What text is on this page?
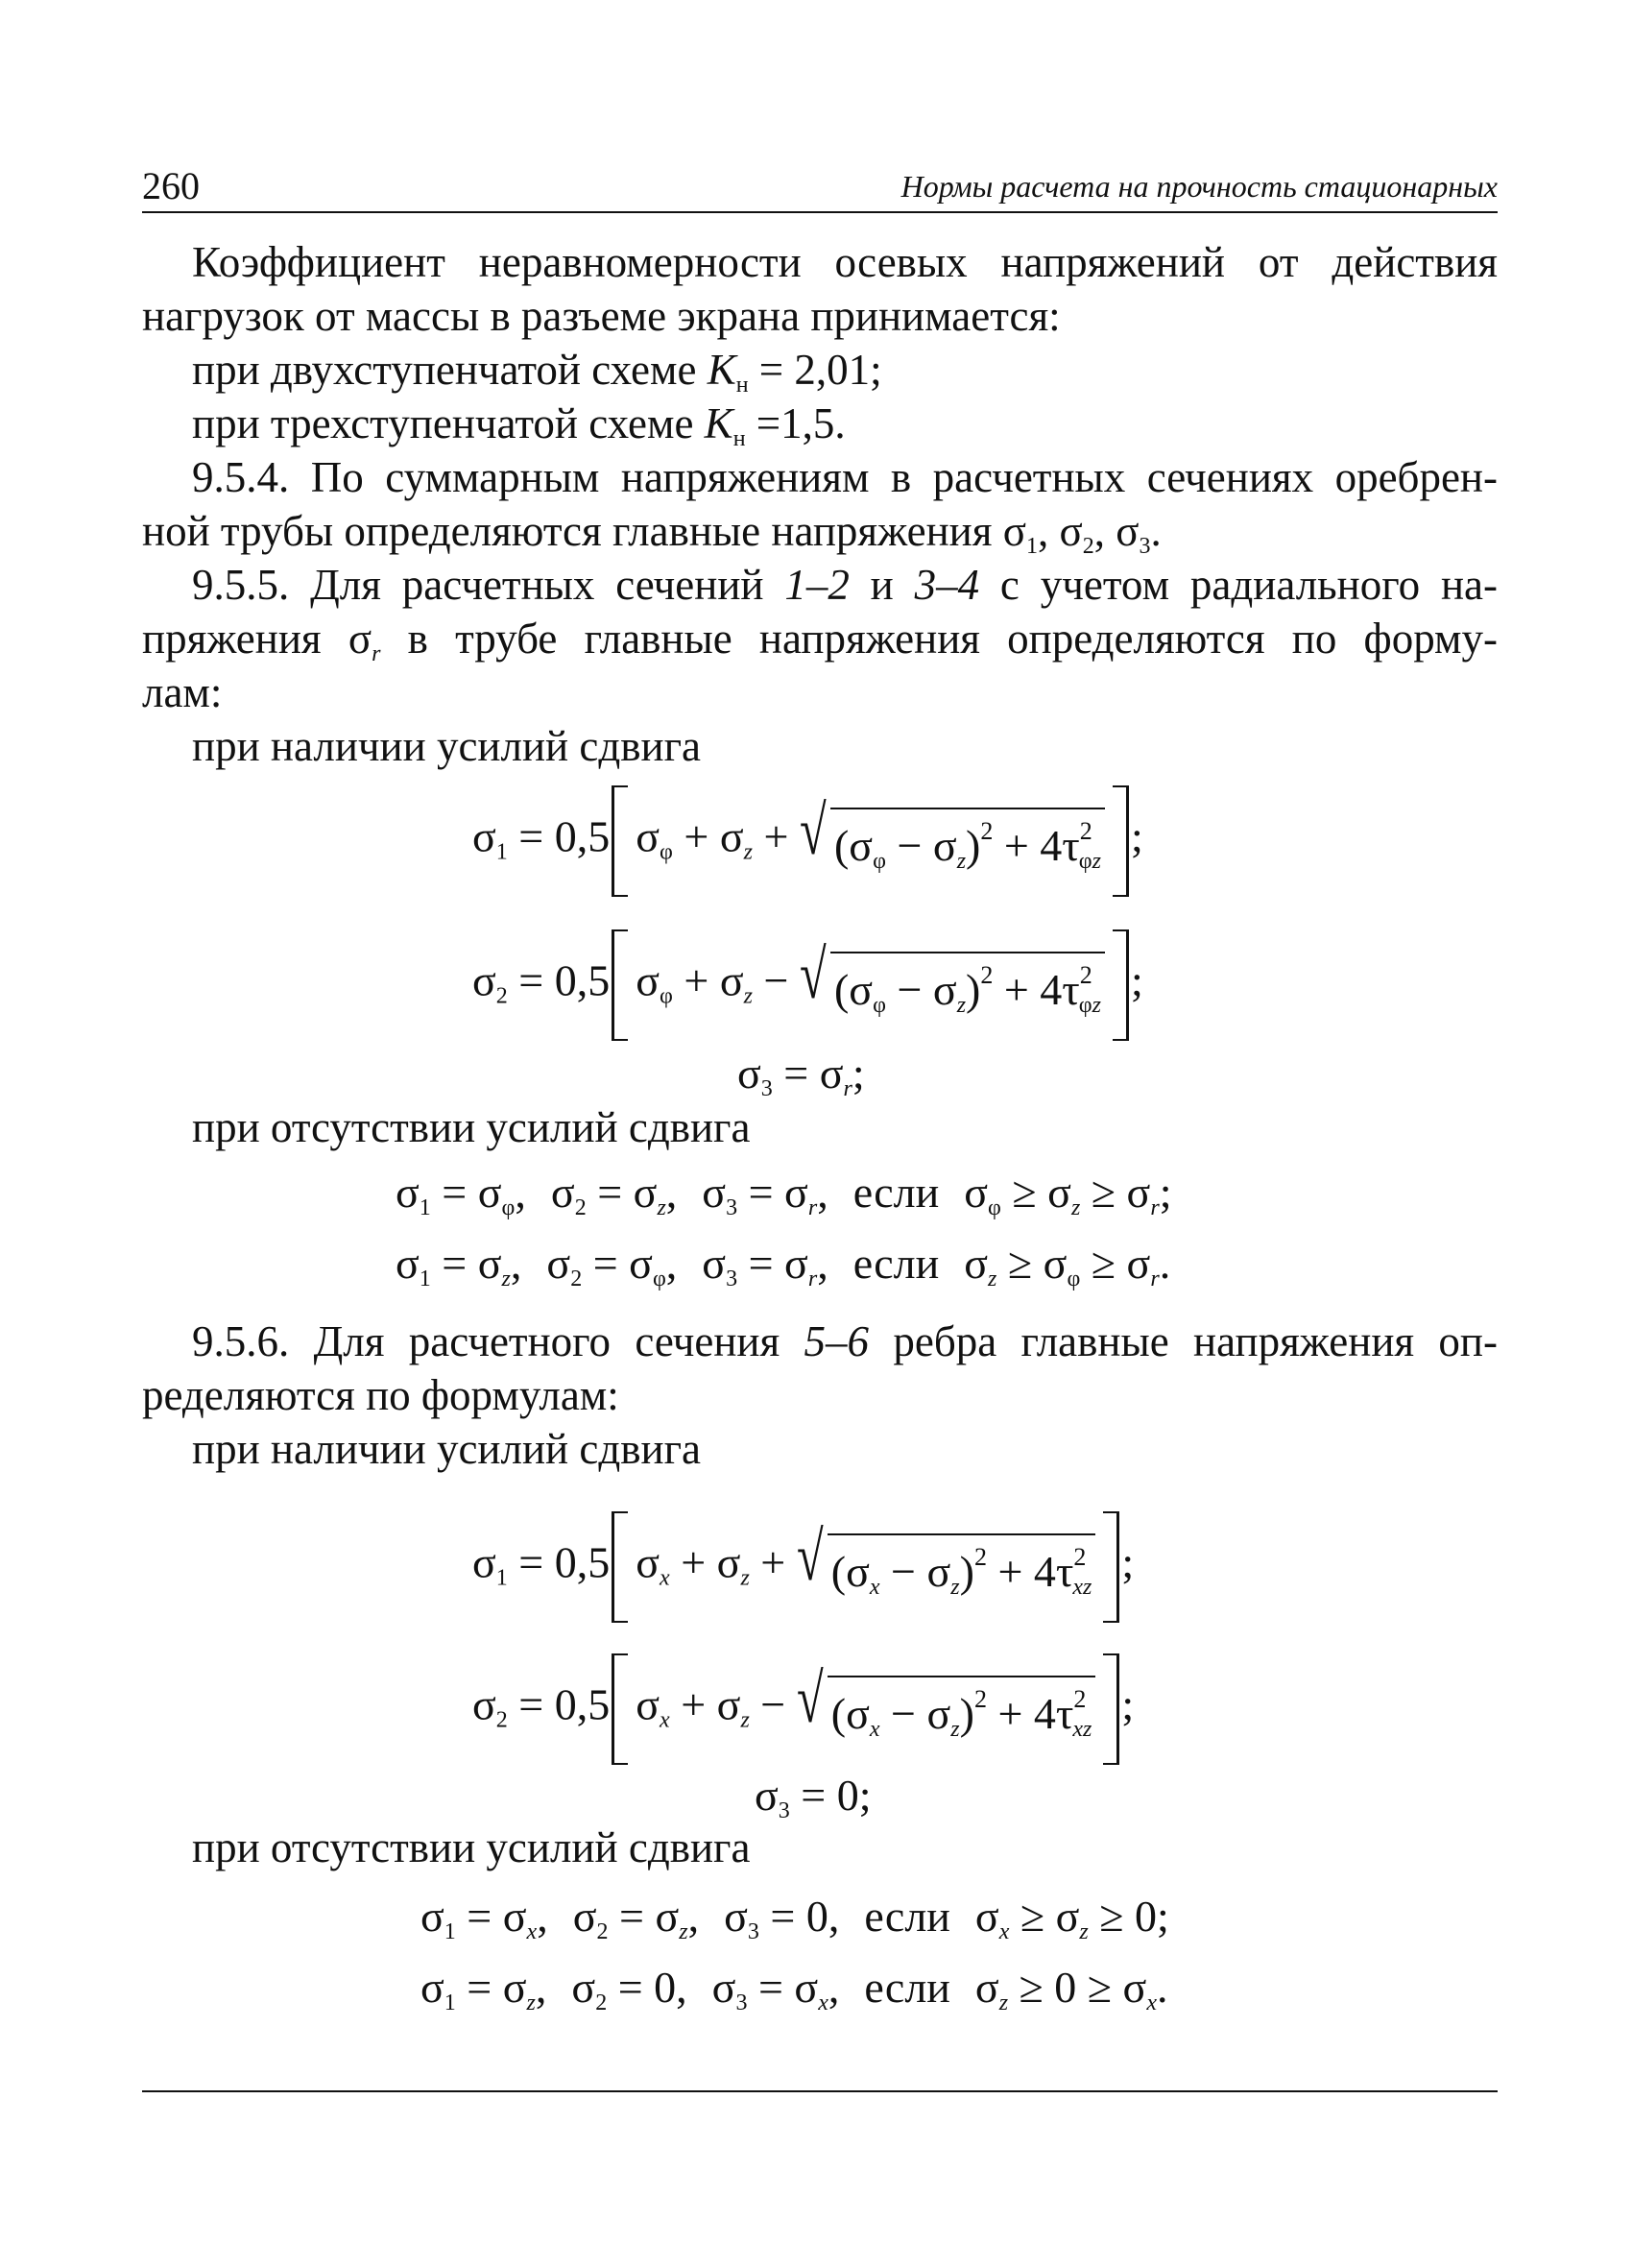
260	Нормы расчета на прочность стационарных
Коэффициент неравномерности осевых напряжений от действия
нагрузок от массы в разъеме экрана принимается:
при двухступенчатой схеме $K_н = 2,01$;
при трехступенчатой схеме $K_н =1,5$.
9.5.4. По суммарным напряжениям в расчетных сечениях оребрен-
ной трубы определяются главные напряжения $\sigma_1$, $\sigma_2$, $\sigma_3$.
9.5.5. Для расчетных сечений 1–2 и 3–4 с учетом радиального на-
пряжения $\sigma_r$ в трубе главные напряжения определяются по форму-
лам:
при наличии усилий сдвига
$\sigma_1 = 0,5$ $\sigma_\varphi + \sigma_z$ + √ $(\sigma_\varphi - \sigma_z)^2 + 4\tau^2_{\varphi z}$;
$\sigma_2 = 0,5$ $\sigma_\varphi + \sigma_z$ − √ $(\sigma_\varphi - \sigma_z)^2 + 4\tau^2_{\varphi z}$;
$\sigma_3 = \sigma_r$;
при отсутствии усилий сдвига
$\sigma_1 = \sigma_\varphi$, $\sigma_2 = \sigma_z$, $\sigma_3 = \sigma_r$, если $\sigma_\varphi \ge \sigma_z \ge \sigma_r$;
$\sigma_1 = \sigma_z$, $\sigma_2 = \sigma_\varphi$, $\sigma_3 = \sigma_r$, если $\sigma_z \ge \sigma_\varphi \ge \sigma_r$.
9.5.6. Для расчетного сечения 5–6 ребра главные напряжения оп-
ределяются по формулам:
при наличии усилий сдвига
$\sigma_1 = 0,5$ $\sigma_x + \sigma_z$ + √ $(\sigma_x - \sigma_z)^2 + 4\tau^2_{xz}$;
$\sigma_2 = 0,5$ $\sigma_x + \sigma_z$ − √ $(\sigma_x - \sigma_z)^2 + 4\tau^2_{xz}$;
$\sigma_3 = 0$;
при отсутствии усилий сдвига
$\sigma_1 = \sigma_x$, $\sigma_2 = \sigma_z$, $\sigma_3 = 0$, если $\sigma_x \ge \sigma_z \ge 0$;
$\sigma_1 = \sigma_z$, $\sigma_2 = 0$, $\sigma_3 = \sigma_x$, если $\sigma_z \ge 0 \ge \sigma_x$.
